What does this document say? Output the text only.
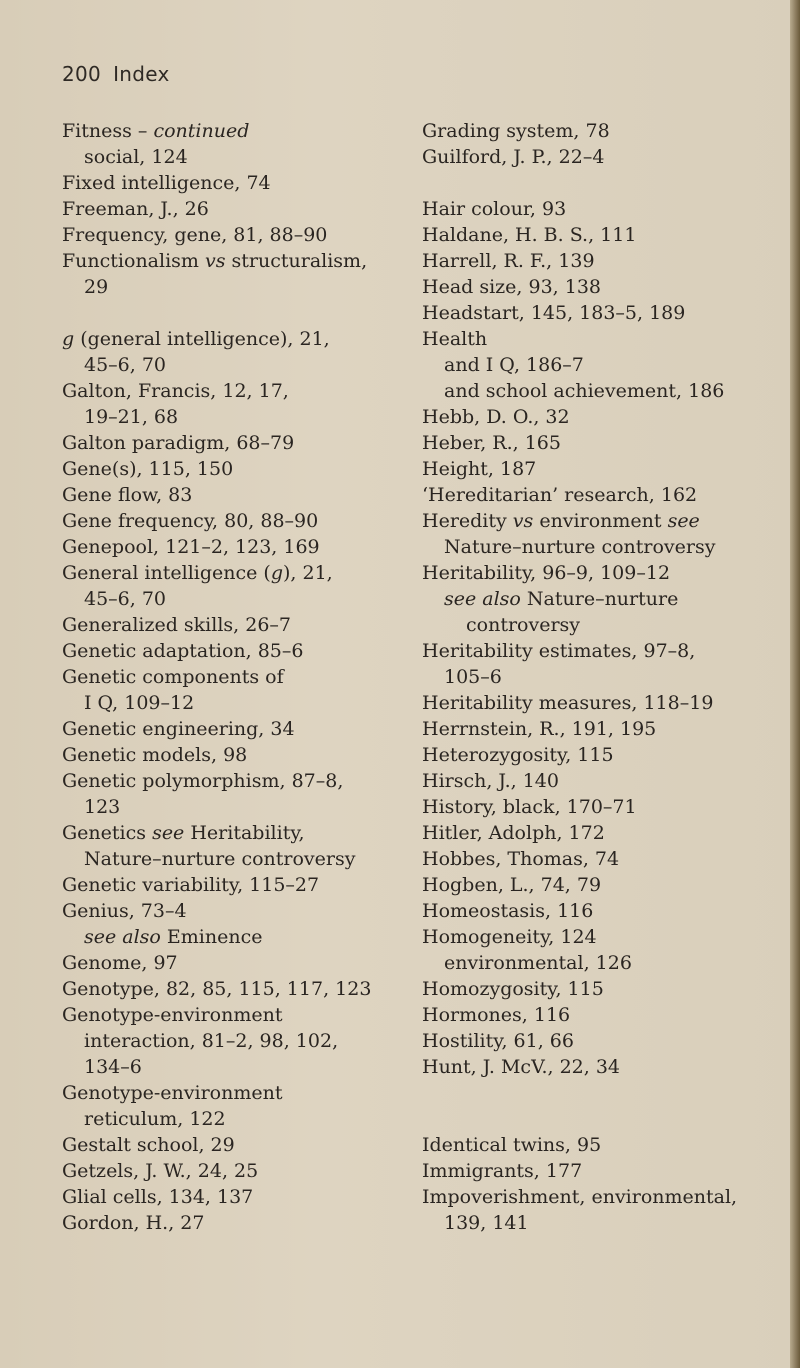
200 Index

Fitness – continued

social, 124

Fixed intelligence, 74

Freeman, J., 26

Frequency, gene, 81, 88–90

Functionalism vs structuralism,

29

g (general intelligence), 21,

45–6, 70

Galton, Francis, 12, 17,

19–21, 68

Galton paradigm, 68–79

Gene(s), 115, 150

Gene flow, 83

Gene frequency, 80, 88–90

Genepool, 121–2, 123, 169

General intelligence (g), 21,

45–6, 70

Generalized skills, 26–7

Genetic adaptation, 85–6

Genetic components of

I Q, 109–12

Genetic engineering, 34

Genetic models, 98

Genetic polymorphism, 87–8,

123

Genetics see Heritability,

Nature–nurture controversy

Genetic variability, 115–27

Genius, 73–4

see also Eminence

Genome, 97

Genotype, 82, 85, 115, 117, 123

Genotype-environment

interaction, 81–2, 98, 102,

134–6

Genotype-environment

reticulum, 122

Gestalt school, 29

Getzels, J. W., 24, 25

Glial cells, 134, 137

Gordon, H., 27

Grading system, 78

Guilford, J. P., 22–4

Hair colour, 93

Haldane, H. B. S., 111

Harrell, R. F., 139

Head size, 93, 138

Headstart, 145, 183–5, 189

Health

and I Q, 186–7

and school achievement, 186

Hebb, D. O., 32

Heber, R., 165

Height, 187

‘Hereditarian’ research, 162

Heredity vs environment see

Nature–nurture controversy

Heritability, 96–9, 109–12

see also Nature–nurture

controversy

Heritability estimates, 97–8,

105–6

Heritability measures, 118–19

Herrnstein, R., 191, 195

Heterozygosity, 115

Hirsch, J., 140

History, black, 170–71

Hitler, Adolph, 172

Hobbes, Thomas, 74

Hogben, L., 74, 79

Homeostasis, 116

Homogeneity, 124

environmental, 126

Homozygosity, 115

Hormones, 116

Hostility, 61, 66

Hunt, J. McV., 22, 34

Identical twins, 95

Immigrants, 177

Impoverishment, environmental,

139, 141
